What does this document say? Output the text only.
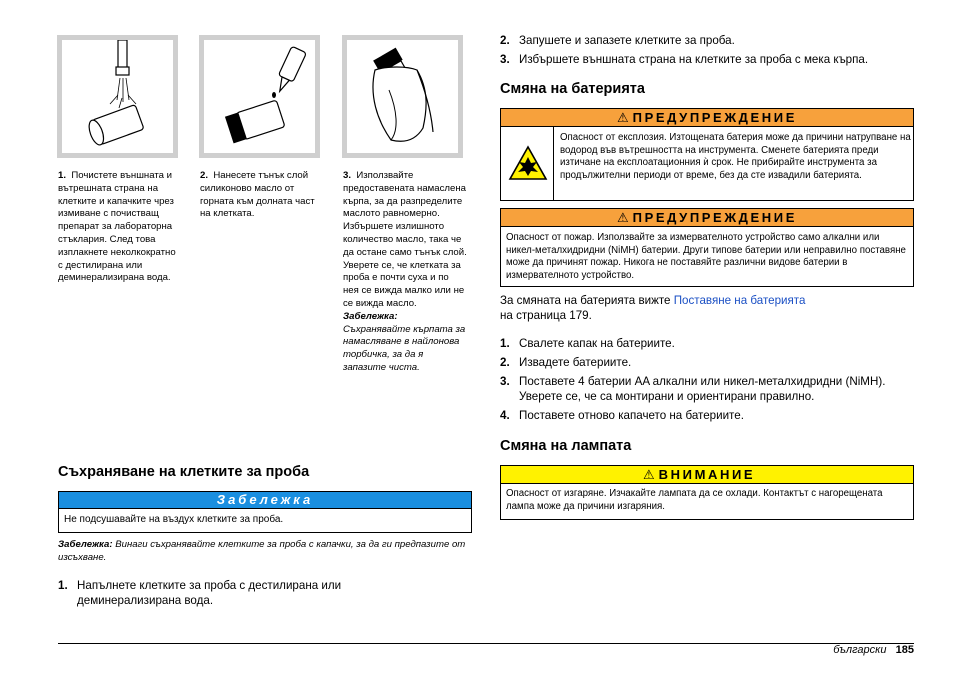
1. Почистете външната и вътрешната страна на клетките и капачките чрез измиване с почистващ препарат за лабораторна стъклария. След това изплакнете неколкократно с дестилирана или деминерализирана вода.
2. Нанесете тънък слой силиконово масло от горната към долната част на клетката.
3. Използвайте предоставената намаслена кърпа, за да разпределите маслото равномерно. Избършете излишното количество масло, така че да остане само тънък слой. Уверете се, че клетката за проба е почти суха и по нея се вижда малко или не се вижда масло.
Забележка: Съхранявайте кърпата за намасляване в найлонова торбичка, за да я запазите чиста.
Съхраняване на клетките за проба
Забележка
Не подсушавайте на въздух клетките за проба.
Забележка: Винаги съхранявайте клетките за проба с капачки, за да ги предпазите от изсъхване.
1. Напълнете клетките за проба с дестилирана или деминерализирана вода.
2. Запушете и запазете клетките за проба.
3. Избършете външната страна на клетките за проба с мека кърпа.
Смяна на батерията
⚠ ПРЕДУПРЕЖДЕНИЕ
Опасност от експлозия. Изтощената батерия може да причини натрупване на водород във вътрешността на инструмента. Сменете батерията преди изтичане на експлоатационния ѝ срок. Не прибирайте инструмента за продължителни периоди от време, без да сте извадили батерията.
⚠ ПРЕДУПРЕЖДЕНИЕ
Опасност от пожар. Използвайте за измервателното устройство само алкални или никел-металхидридни (NiMH) батерии. Други типове батерии или неправилно поставяне може да причинят пожар. Никога не поставяйте различни видове батерии в измервателното устройство.
За смяната на батерията вижте Поставяне на батерията
на страница 179.
1. Свалете капак на батериите.
2. Извадете батериите.
3. Поставете 4 батерии AA алкални или никел-металхидридни (NiMH). Уверете се, че са монтирани и ориентирани правилно.
4. Поставете отново капачето на батериите.
Смяна на лампата
⚠ ВНИМАНИЕ
Опасност от изгаряне. Изчакайте лампата да се охлади. Контактът с нагорещената лампа може да причини изгаряния.
български 185
